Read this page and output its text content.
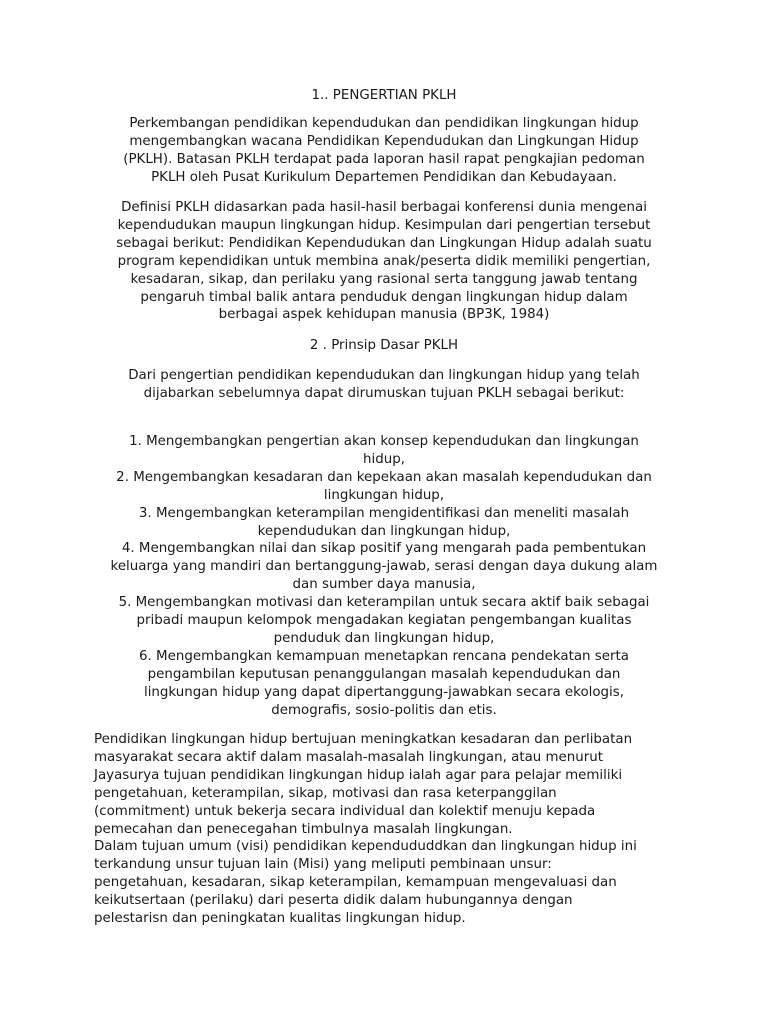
1.. PENGERTIAN PKLH
Perkembangan pendidikan kependudukan dan pendidikan lingkungan hidup
mengembangkan wacana Pendidikan Kependudukan dan Lingkungan Hidup
(PKLH). Batasan PKLH terdapat pada laporan hasil rapat pengkajian pedoman
PKLH oleh Pusat Kurikulum Departemen Pendidikan dan Kebudayaan.
Definisi PKLH didasarkan pada hasil-hasil berbagai konferensi dunia mengenai
kependudukan maupun lingkungan hidup. Kesimpulan dari pengertian tersebut
sebagai berikut: Pendidikan Kependudukan dan Lingkungan Hidup adalah suatu
program kependidikan untuk membina anak/peserta didik memiliki pengertian,
kesadaran, sikap, dan perilaku yang rasional serta tanggung jawab tentang
pengaruh timbal balik antara penduduk dengan lingkungan hidup dalam
berbagai aspek kehidupan manusia (BP3K, 1984)
2 . Prinsip Dasar PKLH
Dari pengertian pendidikan kependudukan dan lingkungan hidup yang telah
dijabarkan sebelumnya dapat dirumuskan tujuan PKLH sebagai berikut:
1. Mengembangkan pengertian akan konsep kependudukan dan lingkungan
hidup,
2. Mengembangkan kesadaran dan kepekaan akan masalah kependudukan dan
lingkungan hidup,
3. Mengembangkan keterampilan mengidentifikasi dan meneliti masalah
kependudukan dan lingkungan hidup,
4. Mengembangkan nilai dan sikap positif yang mengarah pada pembentukan
keluarga yang mandiri dan bertanggung-jawab, serasi dengan daya dukung alam
dan sumber daya manusia,
5. Mengembangkan motivasi dan keterampilan untuk secara aktif baik sebagai
pribadi maupun kelompok mengadakan kegiatan pengembangan kualitas
penduduk dan lingkungan hidup,
6. Mengembangkan kemampuan menetapkan rencana pendekatan serta
pengambilan keputusan penanggulangan masalah kependudukan dan
lingkungan hidup yang dapat dipertanggung-jawabkan secara ekologis,
demografis, sosio-politis dan etis.
Pendidikan lingkungan hidup bertujuan meningkatkan kesadaran dan perlibatan
masyarakat secara aktif dalam masalah-masalah lingkungan, atau menurut
Jayasurya tujuan pendidikan lingkungan hidup ialah agar para pelajar memiliki
pengetahuan, keterampilan, sikap, motivasi dan rasa keterpanggilan
(commitment) untuk bekerja secara individual dan kolektif menuju kepada
pemecahan dan penecegahan timbulnya masalah lingkungan.
Dalam tujuan umum (visi) pendidikan kependududdkan dan lingkungan hidup ini
terkandung unsur tujuan lain (Misi) yang meliputi pembinaan unsur:
pengetahuan, kesadaran, sikap keterampilan, kemampuan mengevaluasi dan
keikutsertaan (perilaku) dari peserta didik dalam hubungannya dengan
pelestarisn dan peningkatan kualitas lingkungan hidup.
